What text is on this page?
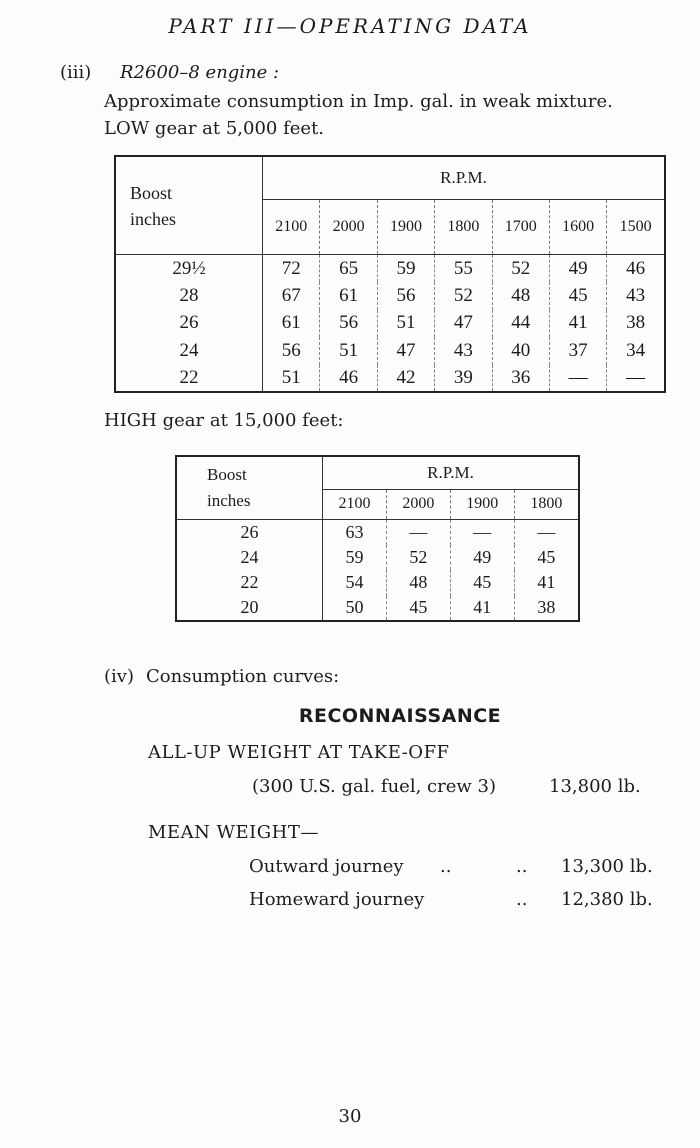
PART III—OPERATING DATA
(iii) R2600–8 engine :
Approximate consumption in Imp. gal. in weak mixture.
LOW gear at 5,000 feet.
Boost
inches	R.P.M.						
	2100	2000	1900	1800	1700	1600	1500
29½	72	65	59	55	52	49	46
28	67	61	56	52	48	45	43
26	61	56	51	47	44	41	38
24	56	51	47	43	40	37	34
22	51	46	42	39	36	—	—
HIGH gear at 15,000 feet:
Boost
inches	R.P.M.			
	2100	2000	1900	1800
26	63	—	—	—
24	59	52	49	45
22	54	48	45	41
20	50	45	41	38
(iv) Consumption curves:
RECONNAISSANCE
ALL-UP WEIGHT AT TAKE-OFF
(300 U.S. gal. fuel, crew 3)	13,800 lb.
MEAN WEIGHT—
Outward journey ..	.. 13,300 lb.
Homeward journey	.. 12,380 lb.
30
